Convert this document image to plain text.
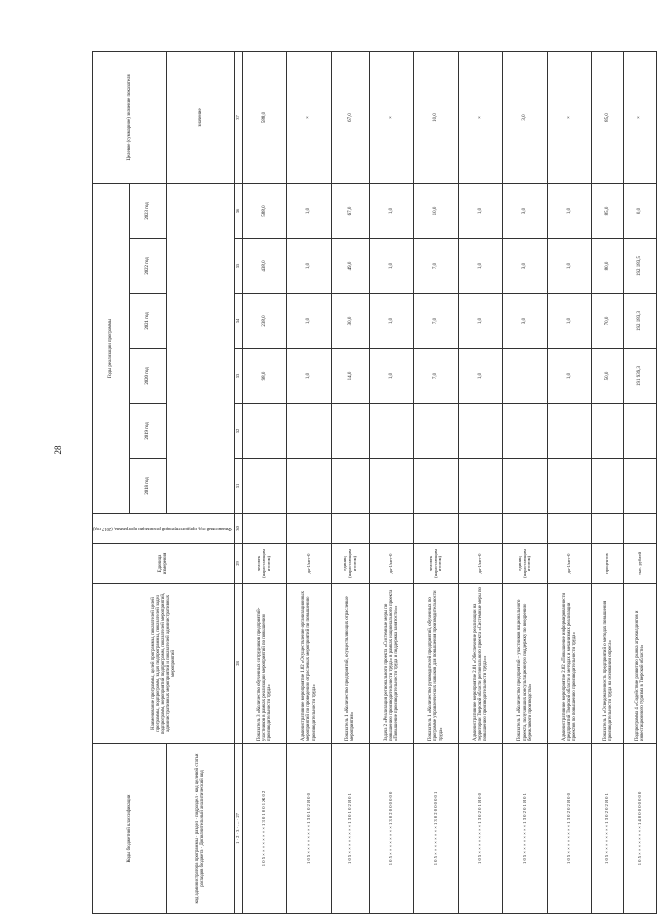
28
Коды бюджетной классификации	Наименование программы, целей программы, показателей целей программы, подпрограмм, задач подпрограммы, показателей задач подпрограмм, мероприятий подпрограмм, показателей мероприятий, административных мероприятий и показателей административных мероприятий	Единица измерения	Финансовый год, предшествующий реализации программы, (2017 год)	Годы реализации программы						Целевое (суммарное) значение показателя
				2018 год	2019 год	2020 год	2021 год	2022 год	2023 год	
код администратора программы · раздел · подраздел · код целевой статьи расходов бюджета · Дополнительный аналитический код										значение
1 · 2 · 3 · … · 27	28	29	30	31	32	33	34	35	36	37
1 0 5 × × × × × × × × 1 3 0 1 0 0 1 Ж 0 2	Показатель 3 «Количество обученных сотрудников предприятий-участников в рамках реализации мероприятий по повышению производительности труда»	человек (нарастающим итогом)				98,0	238,0	438,0	588,0	588,0
1 0 5 × × × × × × × × 1 3 0 1 0 2 Я 0 0	Административное мероприятие 1.02 «Осуществление организационных мероприятий по проведению отраслевых мероприятий по повышению производительности труда»	да-1/нет-0				1,0	1,0	1,0	1,0	×
1 0 5 × × × × × × × × 1 3 0 1 0 2 Я 0 1	Показатель 1 «Количество предприятий, осуществляющих отраслевые мероприятия»	единиц (нарастающим итогом)				14,0	30,0	49,0	67,0	67,0
1 0 5 × × × × × × × × 1 3 0 2 0 0 0 0 0 0	Задача 2 «Реализация регионального проекта «Системные меры по повышению производительности труда» в рамках национального проекта «Повышение производительности труда и поддержка занятости»»	да-1/нет-0				1,0	1,0	1,0	1,0	×
1 0 5 × × × × × × × × 1 3 0 2 0 0 0 0 0 1	Показатель 1 «Количество руководителей предприятий, обученных по программе управленческих навыков для повышения производительности труда»	человек (нарастающим итогом)				7,0	7,0	7,0	10,0	10,0
1 0 5 × × × × × × × × 1 3 0 2 0 1 Я 0 0	Административное мероприятие 2.01 «Обеспечение реализации на территории Тверской области регионального проекта «Системные меры по повышению производительности труда»»	да-1/нет-0				1,0	1,0	1,0	1,0	×
1 0 5 × × × × × × × × 1 3 0 2 0 1 Я 0 1	Показатель 1 «Количество предприятий – участников национального проекта, получивших консультационную поддержку по внедрению бережливого производства»	единиц (нарастающим итогом)					3,0	3,0	3,0	3,0
1 0 5 × × × × × × × × 1 3 0 2 0 2 Я 0 0	Административное мероприятие 2.02 «Повышение информированности предприятий Тверской области о методах и механизмах реализации проектов по повышению производительности труда»	да-1/нет-0				1,0	1,0	1,0	1,0	×
1 0 5 × × × × × × × × 1 3 0 2 0 2 Я 0 1	Показатель 1 «Осведомленность предприятий о методах повышения производительности труда на основании опроса»	процентов				50,0	70,0	80,0	85,0	85,0
1 0 5 × × × × × × × × 1 4 0 0 0 0 0 0 0 0	Подпрограмма 4 «Содействие развитию рынка агрохолдингов и инвестиционного туризма в Тверской области»	тыс. рублей				191 939,3	192 183,3	192 183,5	0,0	×
